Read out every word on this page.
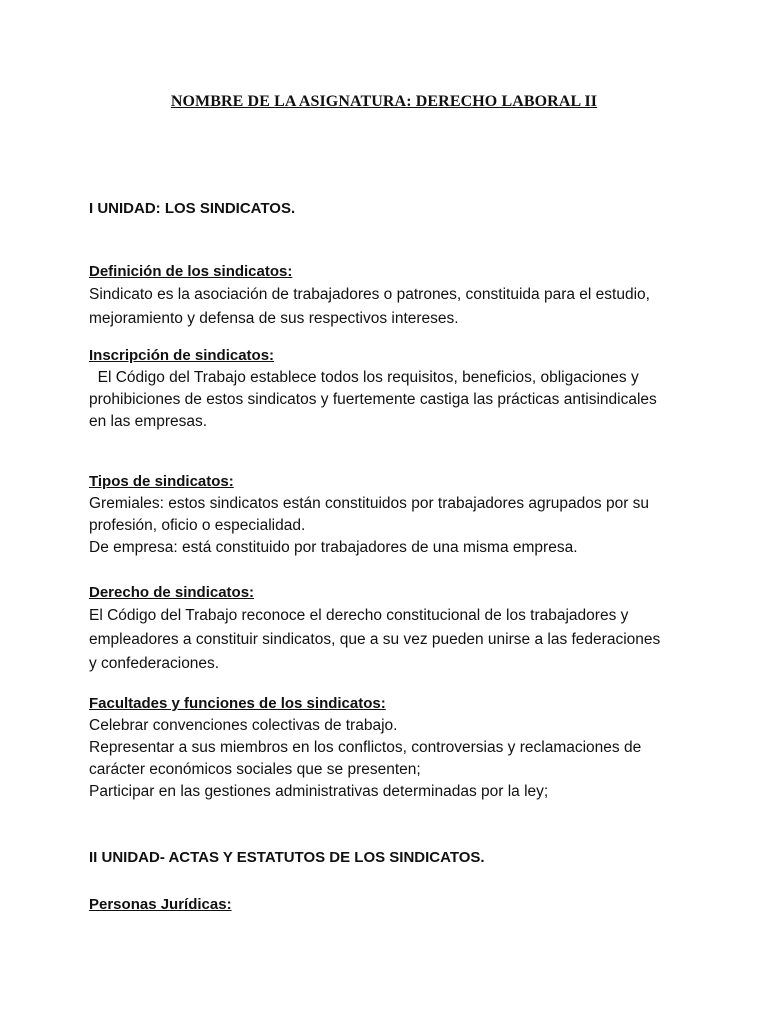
NOMBRE DE LA ASIGNATURA: DERECHO LABORAL II
I UNIDAD: LOS SINDICATOS.
Definición de los sindicatos:
Sindicato es la asociación de trabajadores o patrones, constituida para el estudio,
mejoramiento y defensa de sus respectivos intereses.
Inscripción de sindicatos:
El Código del Trabajo establece todos los requisitos, beneficios, obligaciones y
prohibiciones de estos sindicatos y fuertemente castiga las prácticas antisindicales
en las empresas.
Tipos de sindicatos:
Gremiales: estos sindicatos están constituidos por trabajadores agrupados por su
profesión, oficio o especialidad.
De empresa: está constituido por trabajadores de una misma empresa.
Derecho de sindicatos:
El Código del Trabajo reconoce el derecho constitucional de los trabajadores y
empleadores a constituir sindicatos, que a su vez pueden unirse a las federaciones
y confederaciones.
Facultades y funciones de los sindicatos:
Celebrar convenciones colectivas de trabajo.
Representar a sus miembros en los conflictos, controversias y reclamaciones de
carácter económicos sociales que se presenten;
Participar en las gestiones administrativas determinadas por la ley;
II UNIDAD- ACTAS Y ESTATUTOS DE LOS SINDICATOS.
Personas Jurídicas:
